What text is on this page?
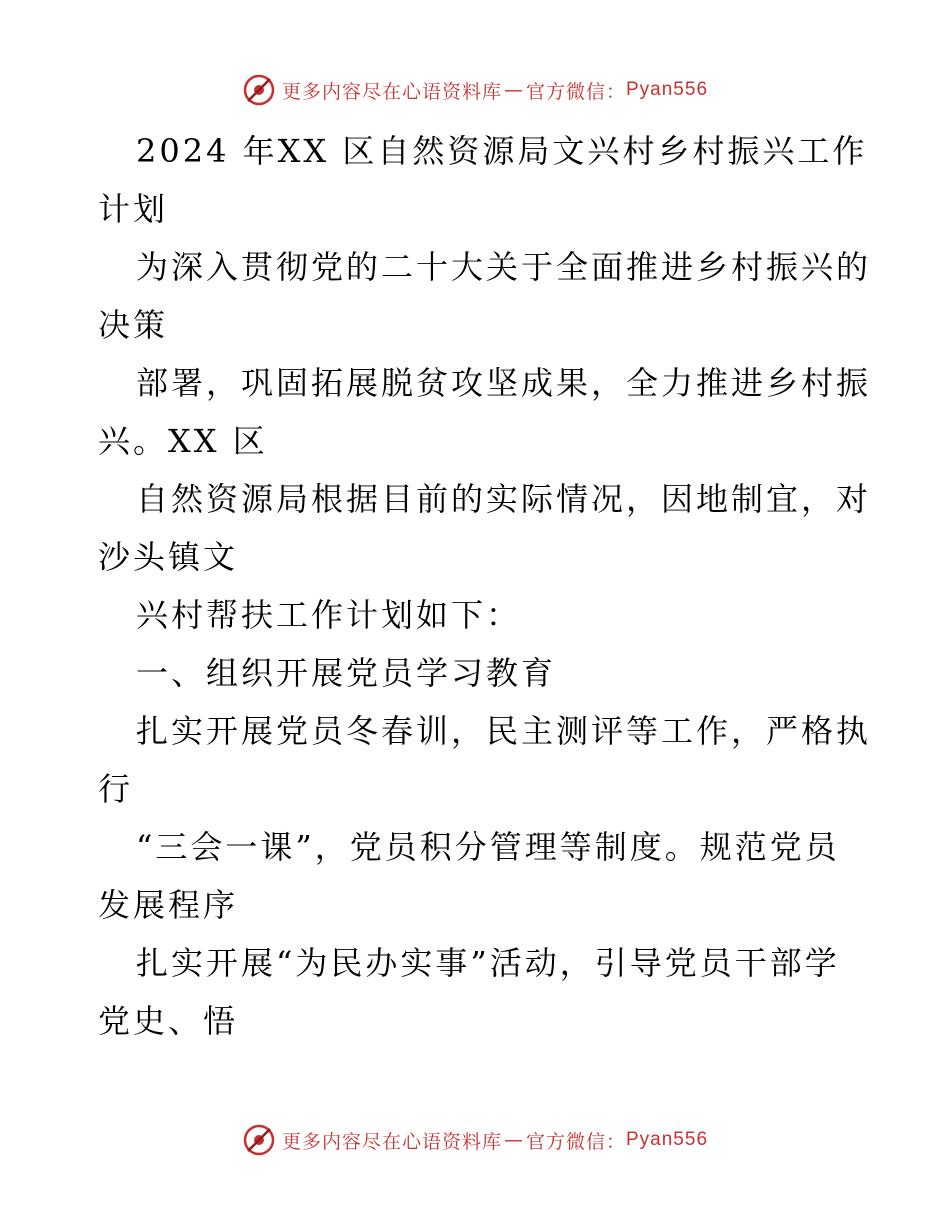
更多内容尽在心语资料库 — 官方微信： Pyan556
2024 年XX 区自然资源局文兴村乡村振兴工作
计划
为深入贯彻党的二十大关于全面推进乡村振兴的
决策
部署，巩固拓展脱贫攻坚成果，全力推进乡村振
兴。XX 区
自然资源局根据目前的实际情况，因地制宜，对
沙头镇文
兴村帮扶工作计划如下：
一、组织开展党员学习教育
扎实开展党员冬春训，民主测评等工作，严格执
行
“三会一课”，党员积分管理等制度。规范党员
发展程序
扎实开展“为民办实事”活动，引导党员干部学
党史、悟
更多内容尽在心语资料库 — 官方微信： Pyan556
